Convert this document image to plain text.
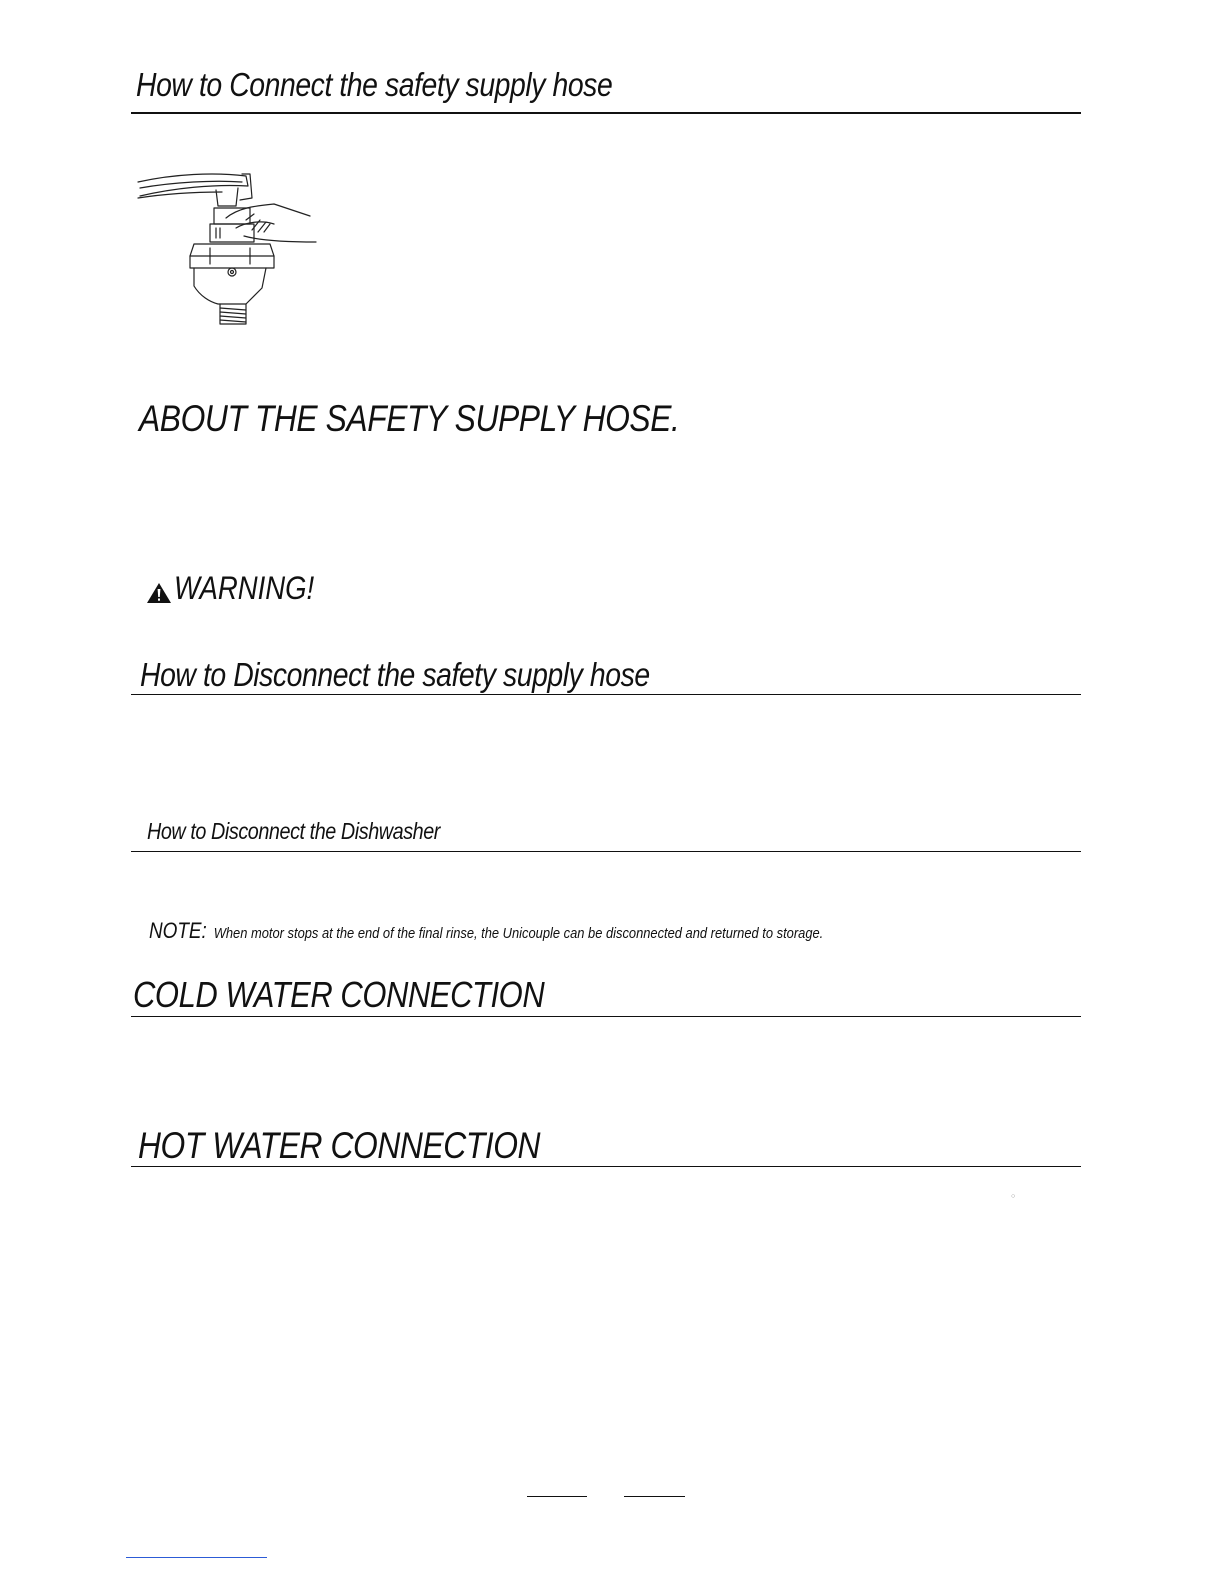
How to Connect the safety supply hose
ABOUT THE SAFETY SUPPLY HOSE.
WARNING!
How to Disconnect the safety supply hose
How to Disconnect the Dishwasher
NOTE: When motor stops at the end of the final rinse, the Unicouple can be disconnected and returned to storage.
COLD WATER CONNECTION
HOT WATER CONNECTION
○
